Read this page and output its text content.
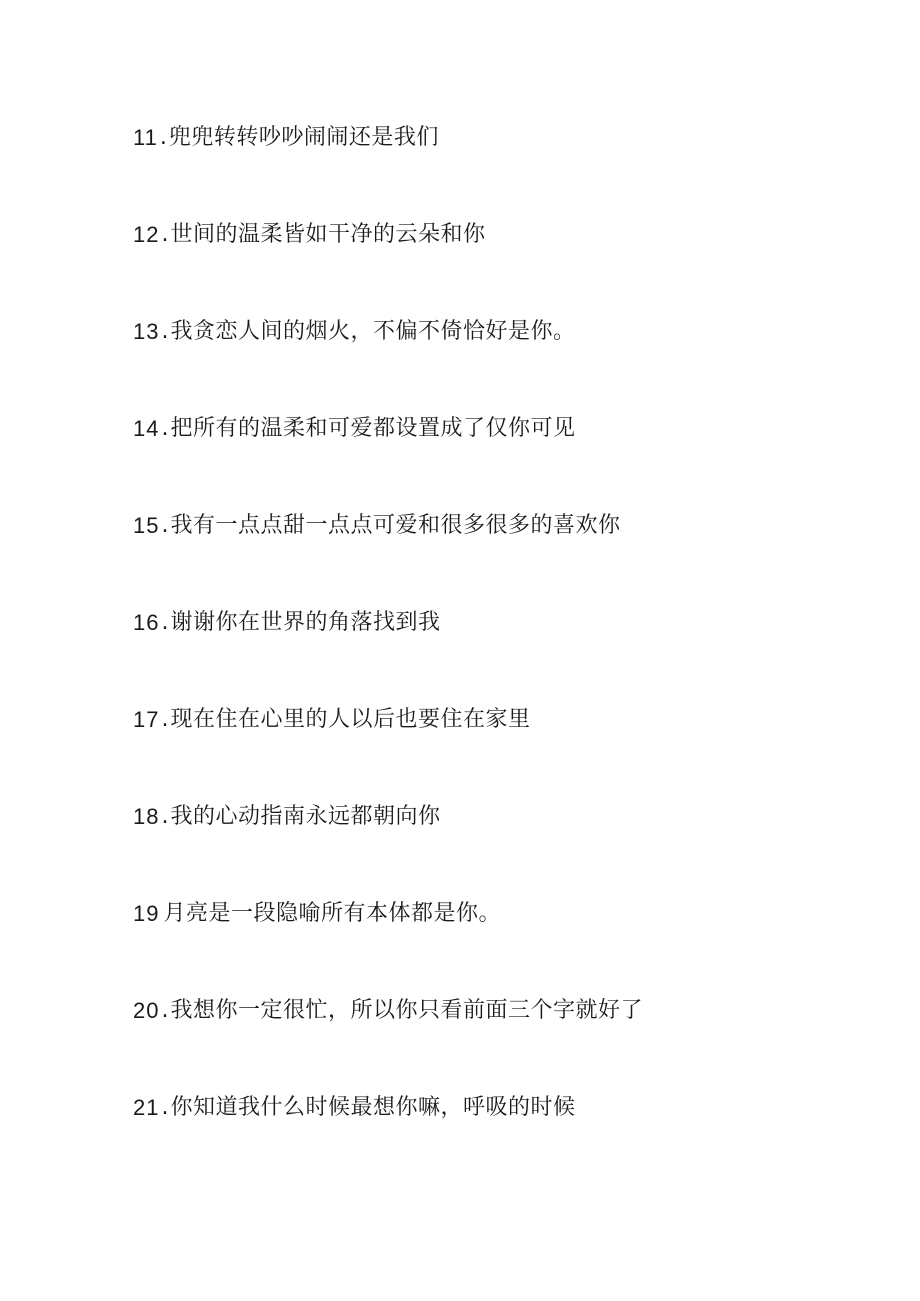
11 . 兜兜转转吵吵闹闹还是我们
12 . 世间的温柔皆如干净的云朵和你
13 . 我贪恋人间的烟火，不偏不倚恰好是你。
14 . 把所有的温柔和可爱都设置成了仅你可见
15 . 我有一点点甜一点点可爱和很多很多的喜欢你
16 . 谢谢你在世界的角落找到我
17 . 现在住在心里的人以后也要住在家里
18 . 我的心动指南永远都朝向你
19 月亮是一段隐喻所有本体都是你。
20 . 我想你一定很忙，所以你只看前面三个字就好了
21 . 你知道我什么时候最想你嘛，呼吸的时候
